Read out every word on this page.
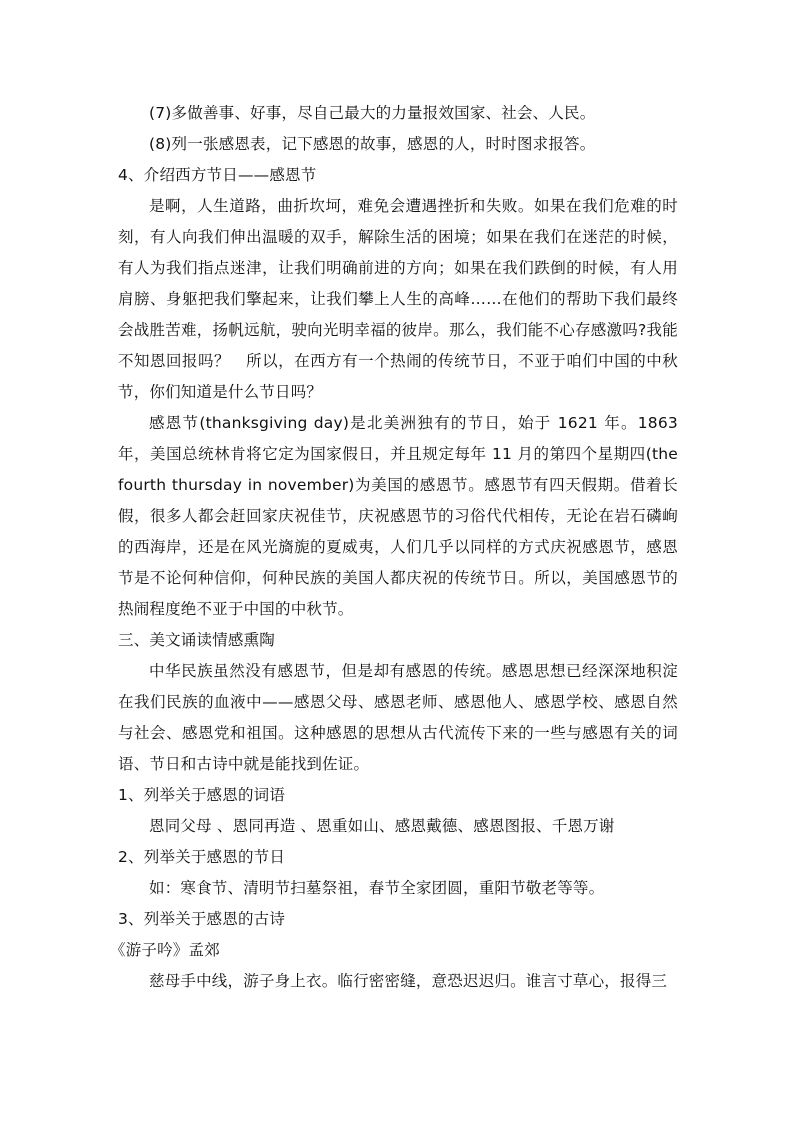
(7)多做善事、好事，尽自己最大的力量报效国家、社会、人民。

(8)列一张感恩表，记下感恩的故事，感恩的人，时时图求报答。

4、介绍西方节日——感恩节

是啊，人生道路，曲折坎坷，难免会遭遇挫折和失败。如果在我们危难的时刻，有人向我们伸出温暖的双手，解除生活的困境；如果在我们在迷茫的时候，有人为我们指点迷津，让我们明确前进的方向；如果在我们跌倒的时候，有人用肩膀、身躯把我们擎起来，让我们攀上人生的高峰……在他们的帮助下我们最终会战胜苦难，扬帆远航，驶向光明幸福的彼岸。那么，我们能不心存感激吗?我能不知恩回报吗？　所以，在西方有一个热闹的传统节日，不亚于咱们中国的中秋节，你们知道是什么节日吗？

感恩节(thanksgiving day)是北美洲独有的节日，始于 1621 年。1863 年，美国总统林肯将它定为国家假日，并且规定每年 11 月的第四个星期四(the fourth thursday in november)为美国的感恩节。感恩节有四天假期。借着长假，很多人都会赶回家庆祝佳节，庆祝感恩节的习俗代代相传，无论在岩石磷峋的西海岸，还是在风光旖旎的夏威夷，人们几乎以同样的方式庆祝感恩节，感恩节是不论何种信仰，何种民族的美国人都庆祝的传统节日。所以，美国感恩节的热闹程度绝不亚于中国的中秋节。

三、美文诵读情感熏陶

中华民族虽然没有感恩节，但是却有感恩的传统。感恩思想已经深深地积淀在我们民族的血液中——感恩父母、感恩老师、感恩他人、感恩学校、感恩自然与社会、感恩党和祖国。这种感恩的思想从古代流传下来的一些与感恩有关的词语、节日和古诗中就是能找到佐证。

1、列举关于感恩的词语

恩同父母 、恩同再造 、恩重如山、感恩戴德、感恩图报、千恩万谢

2、列举关于感恩的节日

如：寒食节、清明节扫墓祭祖，春节全家团圆，重阳节敬老等等。

3、列举关于感恩的古诗

《游子吟》孟郊

慈母手中线，游子身上衣。临行密密缝，意恐迟迟归。谁言寸草心，报得三
